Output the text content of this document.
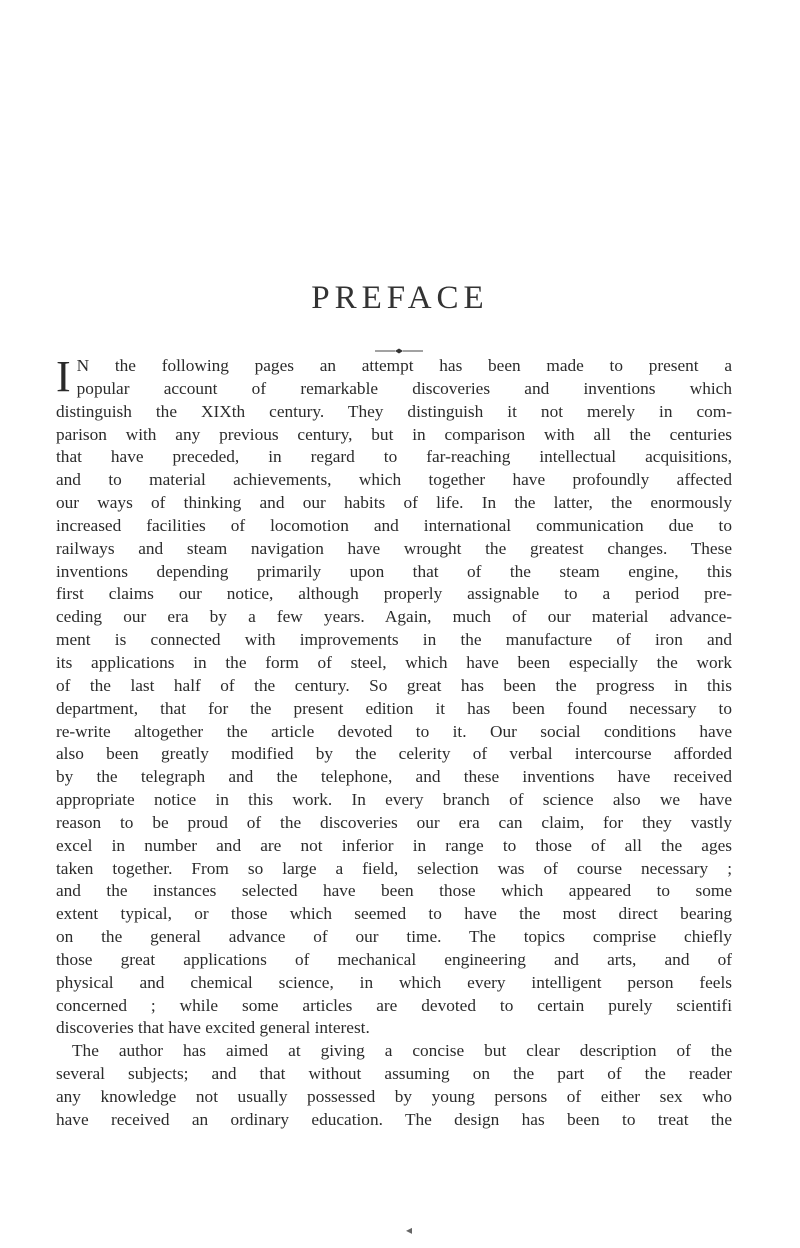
PREFACE
I N the following pages an attempt has been made to present a
popular account of remarkable discoveries and inventions which
distinguish the XIXth century. They distinguish it not merely in com-
parison with any previous century, but in comparison with all the centuries
that have preceded, in regard to far-reaching intellectual acquisitions,
and to material achievements, which together have profoundly affected
our ways of thinking and our habits of life. In the latter, the enormously
increased facilities of locomotion and international communication due to
railways and steam navigation have wrought the greatest changes. These
inventions depending primarily upon that of the steam engine, this
first claims our notice, although properly assignable to a period pre-
ceding our era by a few years. Again, much of our material advance-
ment is connected with improvements in the manufacture of iron and
its applications in the form of steel, which have been especially the work
of the last half of the century. So great has been the progress in this
department, that for the present edition it has been found necessary to
re-write altogether the article devoted to it. Our social conditions have
also been greatly modified by the celerity of verbal intercourse afforded
by the telegraph and the telephone, and these inventions have received
appropriate notice in this work. In every branch of science also we have
reason to be proud of the discoveries our era can claim, for they vastly
excel in number and are not inferior in range to those of all the ages
taken together. From so large a field, selection was of course necessary ;
and the instances selected have been those which appeared to some
extent typical, or those which seemed to have the most direct bearing
on the general advance of our time. The topics comprise chiefly
those great applications of mechanical engineering and arts, and of
physical and chemical science, in which every intelligent person feels
concerned ; while some articles are devoted to certain purely scientifi
discoveries that have excited general interest.
The author has aimed at giving a concise but clear description of the
several subjects; and that without assuming on the part of the reader
any knowledge not usually possessed by young persons of either sex who
have received an ordinary education. The design has been to treat the
◂
